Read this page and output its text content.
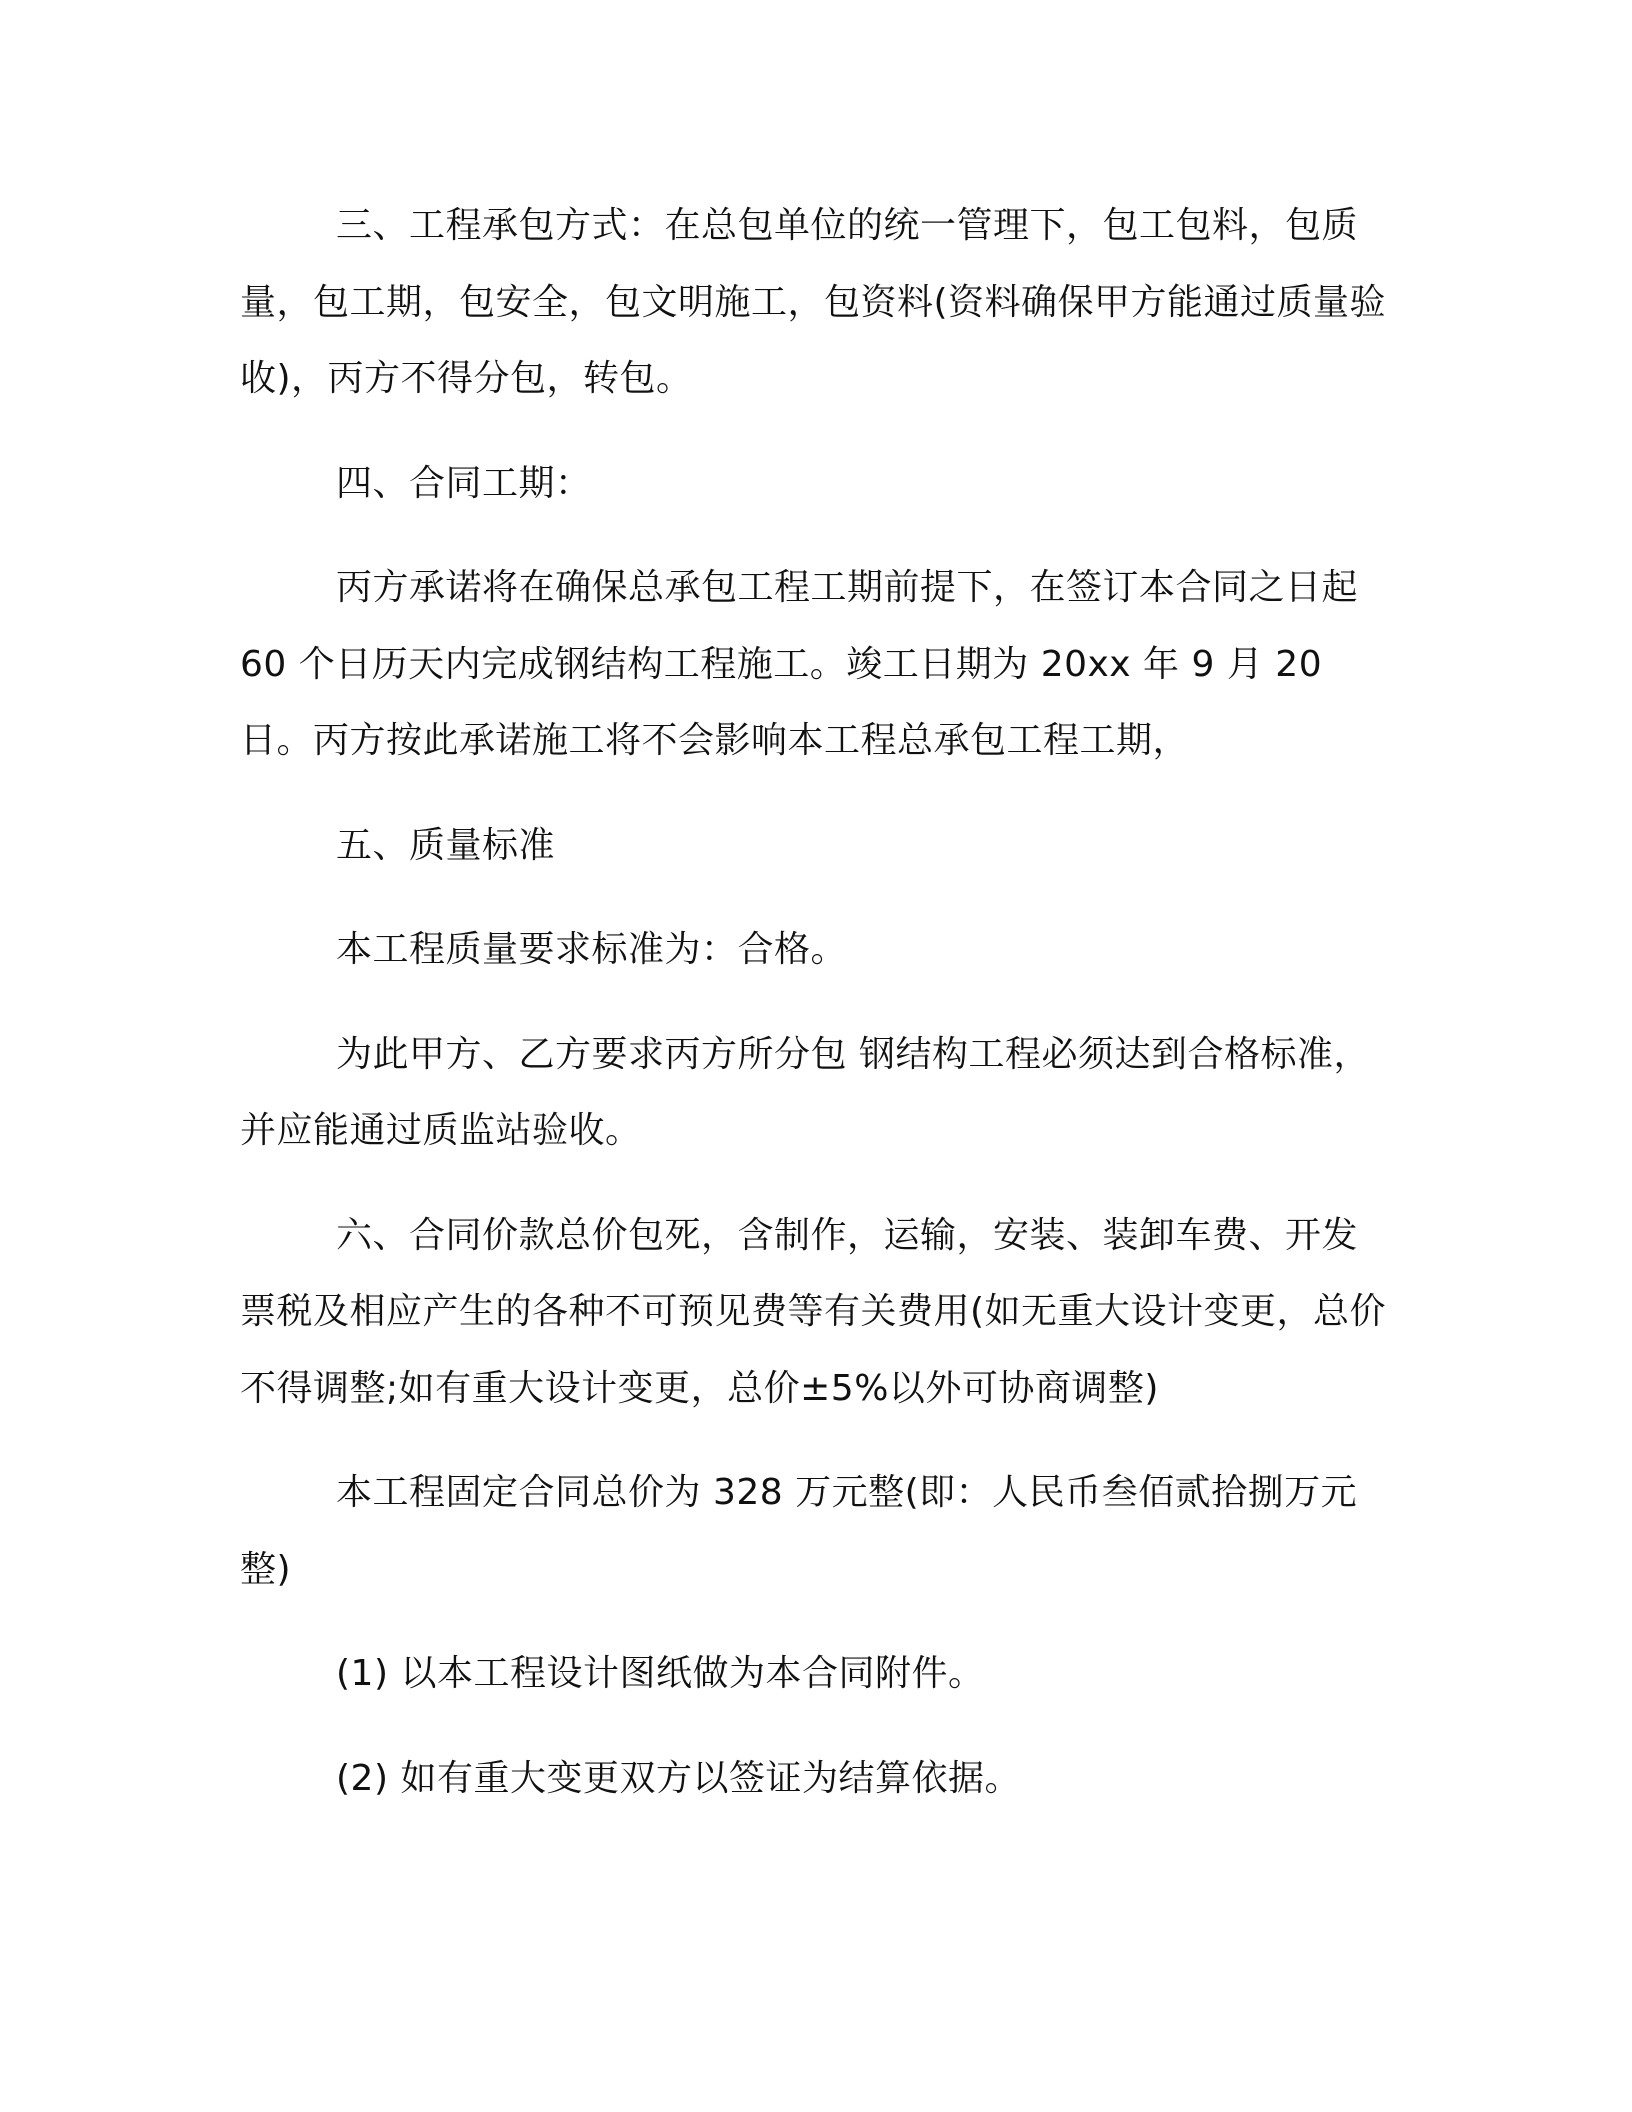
三、工程承包方式：在总包单位的统一管理下，包工包料，包质量，包工期，包安全，包文明施工，包资料(资料确保甲方能通过质量验收)，丙方不得分包，转包。

四、合同工期：

丙方承诺将在确保总承包工程工期前提下，在签订本合同之日起 60 个日历天内完成钢结构工程施工。竣工日期为 20xx 年 9 月 20 日。丙方按此承诺施工将不会影响本工程总承包工程工期，

五、质量标准

本工程质量要求标准为：合格。

为此甲方、乙方要求丙方所分包 钢结构工程必须达到合格标准，并应能通过质监站验收。

六、合同价款总价包死，含制作，运输，安装、装卸车费、开发票税及相应产生的各种不可预见费等有关费用(如无重大设计变更，总价不得调整;如有重大设计变更，总价±5%以外可协商调整)

本工程固定合同总价为 328 万元整(即：人民币叁佰贰拾捌万元整)

(1) 以本工程设计图纸做为本合同附件。

(2) 如有重大变更双方以签证为结算依据。
